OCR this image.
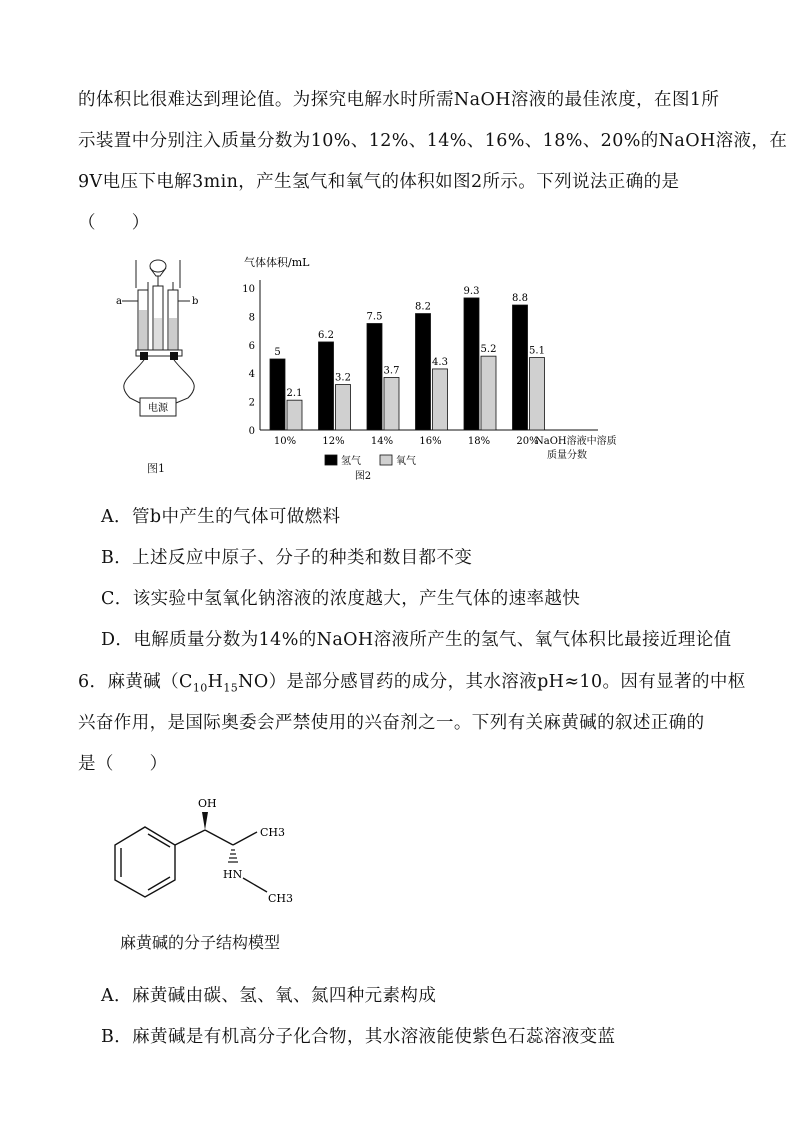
的体积比很难达到理论值。为探究电解水时所需NaOH溶液的最佳浓度，在图1所
示装置中分别注入质量分数为10%、12%、14%、16%、18%、20%的NaOH溶液，在
9V电压下电解3min，产生氢气和氧气的体积如图2所示。下列说法正确的是
（　　）
a	b
电源
图1
气体体积/mL
0
2
4
6
8
10
5
2.1
10%
6.2
3.2
12%
7.5
3.7
14%
8.2
4.3
16%
9.3
5.2
18%
8.8
5.1
20%
NaOH溶液中溶质
质量分数
氢气	氧气
图2
A．管b中产生的气体可做燃料
B．上述反应中原子、分子的种类和数目都不变
C．该实验中氢氧化钠溶液的浓度越大，产生气体的速率越快
D．电解质量分数为14%的NaOH溶液所产生的氢气、氧气体积比最接近理论值
6．麻黄碱$(C_{10}H_{15}NO)$是部分感冒药的成分，其水溶液pH≈10。因有显著的中枢
兴奋作用，是国际奥委会严禁使用的兴奋剂之一。下列有关麻黄碱的叙述正确的
是（　　）
OH
CH3
HN
CH3
麻黄碱的分子结构模型
A．麻黄碱由碳、氢、氧、氮四种元素构成
B．麻黄碱是有机高分子化合物，其水溶液能使紫色石蕊溶液变蓝
